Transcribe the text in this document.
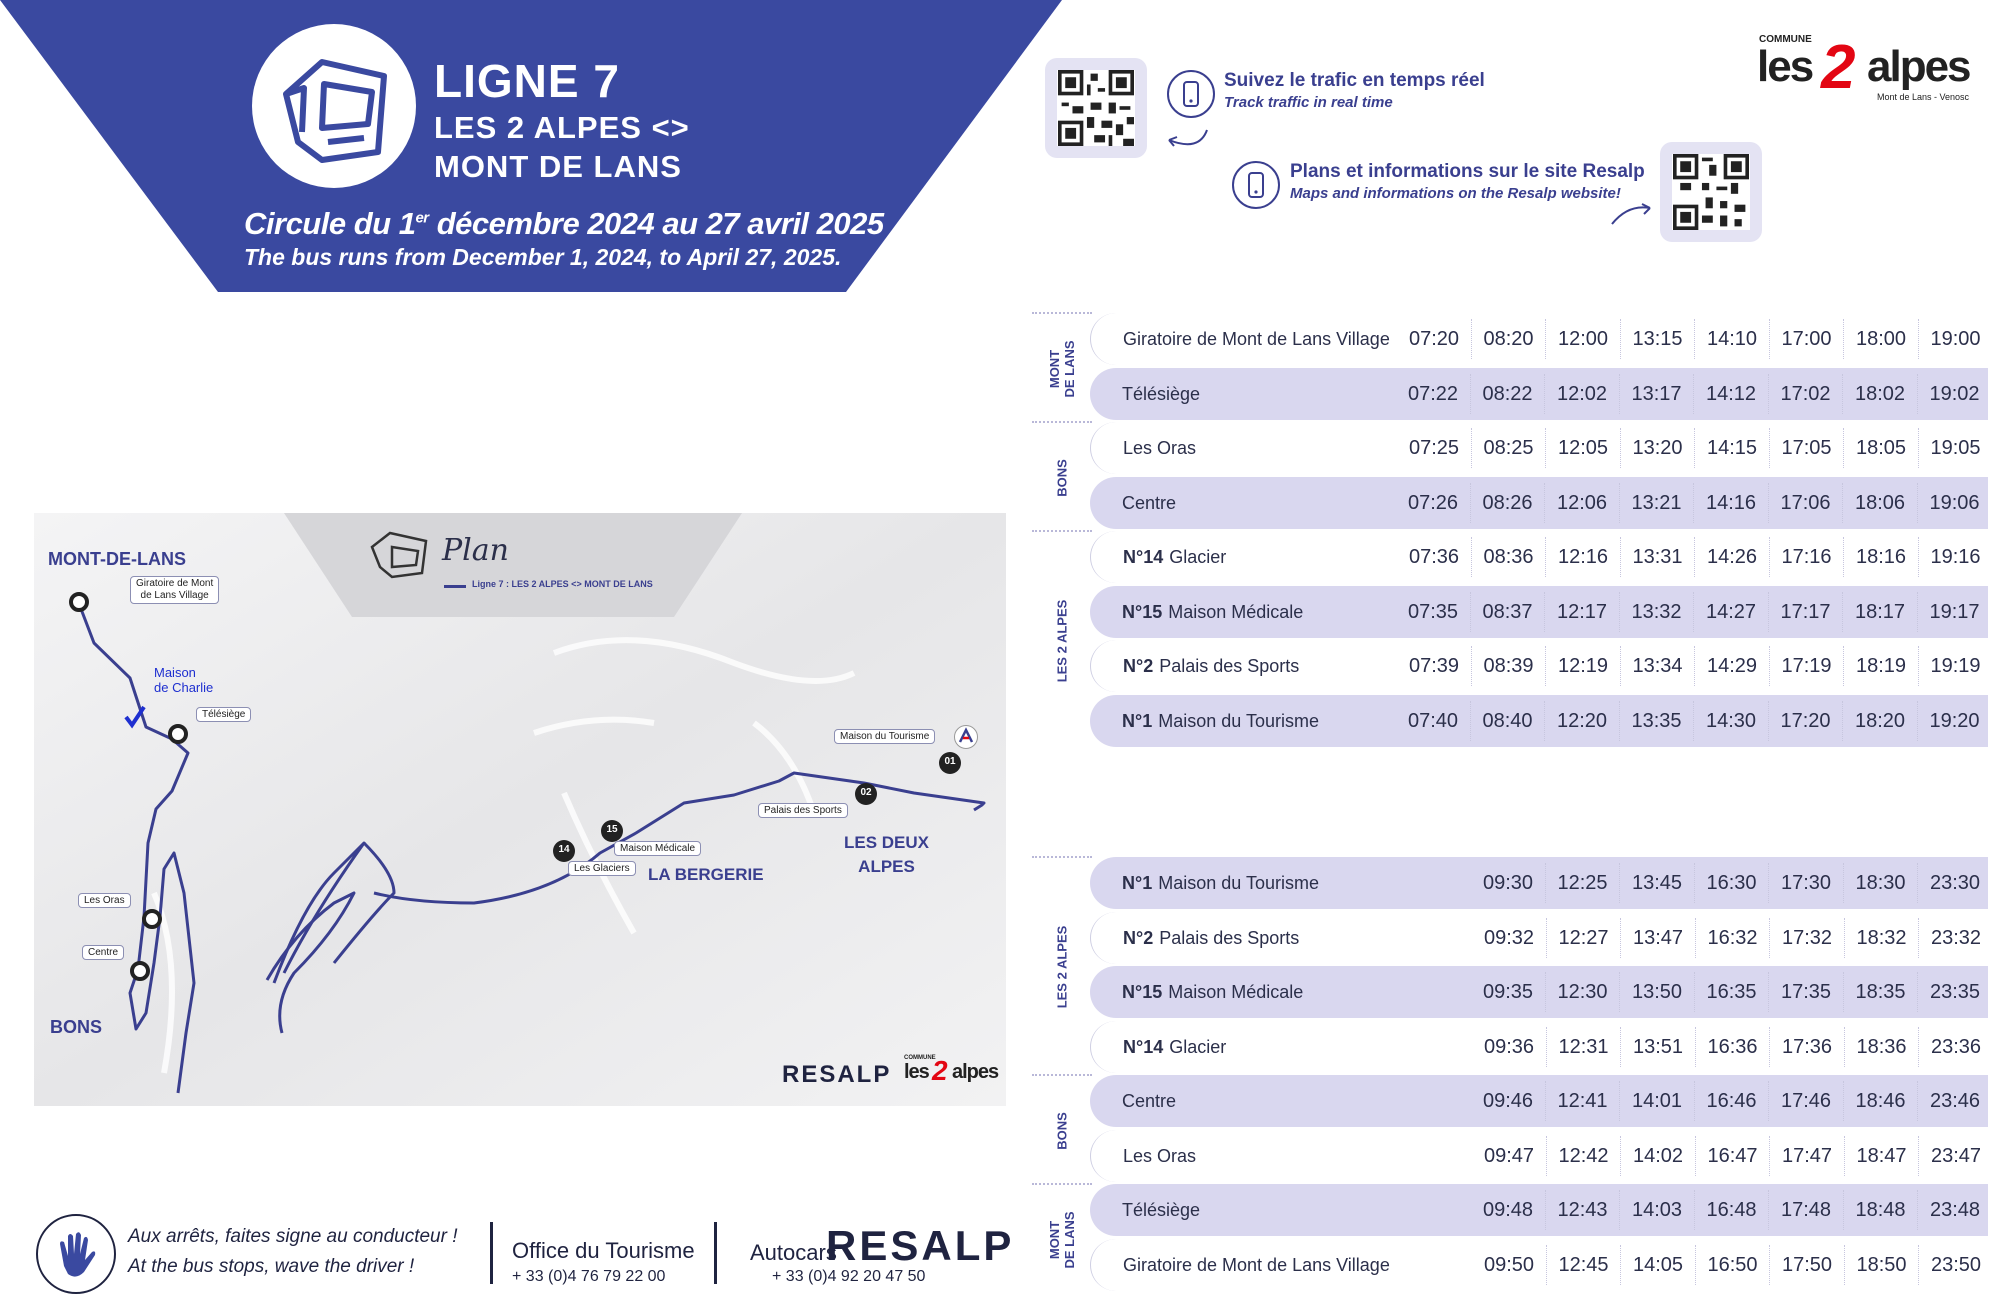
LIGNE 7
LES 2 ALPES <>
MONT DE LANS
Circule du 1er décembre 2024 au 27 avril 2025
The bus runs from December 1, 2024, to April 27, 2025.
Suivez le trafic en temps réel
Track traffic in real time
Plans et informations sur le site Resalp
Maps and informations on the Resalp website!
COMMUNE
les 2 alpes
Mont de Lans - Venosc
MONT
DE LANS
BONS
LES 2 ALPES
Giratoire de Mont de Lans Village 07:20	08:20	12:00	13:15	14:10	17:00	18:00	19:00
Télésiège	07:22	08:22	12:02	13:17	14:12	17:02	18:02	19:02
Les Oras	07:25	08:25	12:05	13:20	14:15	17:05	18:05	19:05
Centre	07:26	08:26	12:06	13:21	14:16	17:06	18:06	19:06
N°14 Glacier	07:36	08:36	12:16	13:31	14:26	17:16	18:16	19:16
N°15 Maison Médicale	07:35	08:37	12:17	13:32	14:27	17:17	18:17	19:17
N°2 Palais des Sports	07:39	08:39	12:19	13:34	14:29	17:19	18:19	19:19
N°1 Maison du Tourisme	07:40	08:40	12:20	13:35	14:30	17:20	18:20	19:20
LES 2 ALPES
BONS
MONT
DE LANS
N°1 Maison du Tourisme	09:30	12:25	13:45	16:30	17:30	18:30	23:30
N°2 Palais des Sports	09:32	12:27	13:47	16:32	17:32	18:32	23:32
N°15 Maison Médicale	09:35	12:30	13:50	16:35	17:35	18:35	23:35
N°14 Glacier	09:36	12:31	13:51	16:36	17:36	18:36	23:36
Centre	09:46	12:41	14:01	16:46	17:46	18:46	23:46
Les Oras	09:47	12:42	14:02	16:47	17:47	18:47	23:47
Télésiège	09:48	12:43	14:03	16:48	17:48	18:48	23:48
Giratoire de Mont de Lans Village	09:50	12:45	14:05	16:50	17:50	18:50	23:50
Plan
Ligne 7 : LES 2 ALPES <> MONT DE LANS
MONT-DE-LANS
Giratoire de Mont
de Lans Village
Maison
de Charlie
Télésiège
Les Oras
Centre
BONS
Les Glaciers
Maison Médicale
Palais des Sports
Maison du Tourisme
LA BERGERIE
LES DEUX
ALPES
14
15
02
01
RESALP
COMMUNE
les 2 alpes
Aux arrêts, faites signe au conducteur !
At the bus stops, wave the driver !
Office du Tourisme
+ 33 (0)4 76 79 22 00
Autocars
RESALP
+ 33 (0)4 92 20 47 50
